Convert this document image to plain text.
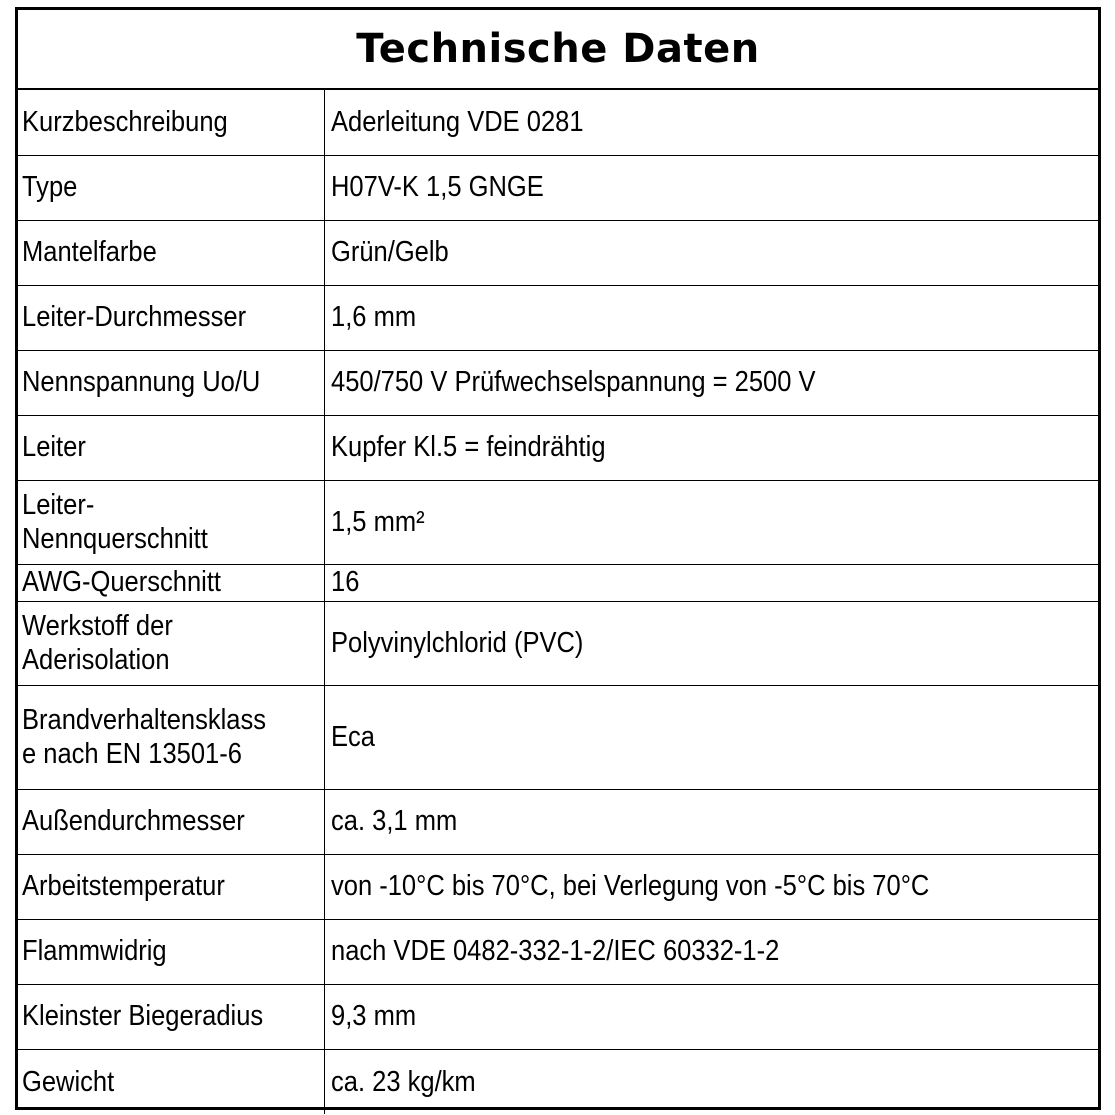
Technische Daten
Kurzbeschreibung	Aderleitung VDE 0281
Type	H07V-K 1,5 GNGE
Mantelfarbe	Grün/Gelb
Leiter-Durchmesser	1,6 mm
Nennspannung Uo/U	450/750 V Prüfwechselspannung = 2500 V
Leiter	Kupfer Kl.5 = feindrähtig
Leiter-
Nennquerschnitt	1,5 mm²
AWG-Querschnitt	16
Werkstoff der
Aderisolation	Polyvinylchlorid (PVC)
Brandverhaltensklass
e nach EN 13501-6	Eca
Außendurchmesser	ca. 3,1 mm
Arbeitstemperatur	von -10°C bis 70°C, bei Verlegung von -5°C bis 70°C
Flammwidrig	nach VDE 0482-332-1-2/IEC 60332-1-2
Kleinster Biegeradius	9,3 mm
Gewicht	ca. 23 kg/km
